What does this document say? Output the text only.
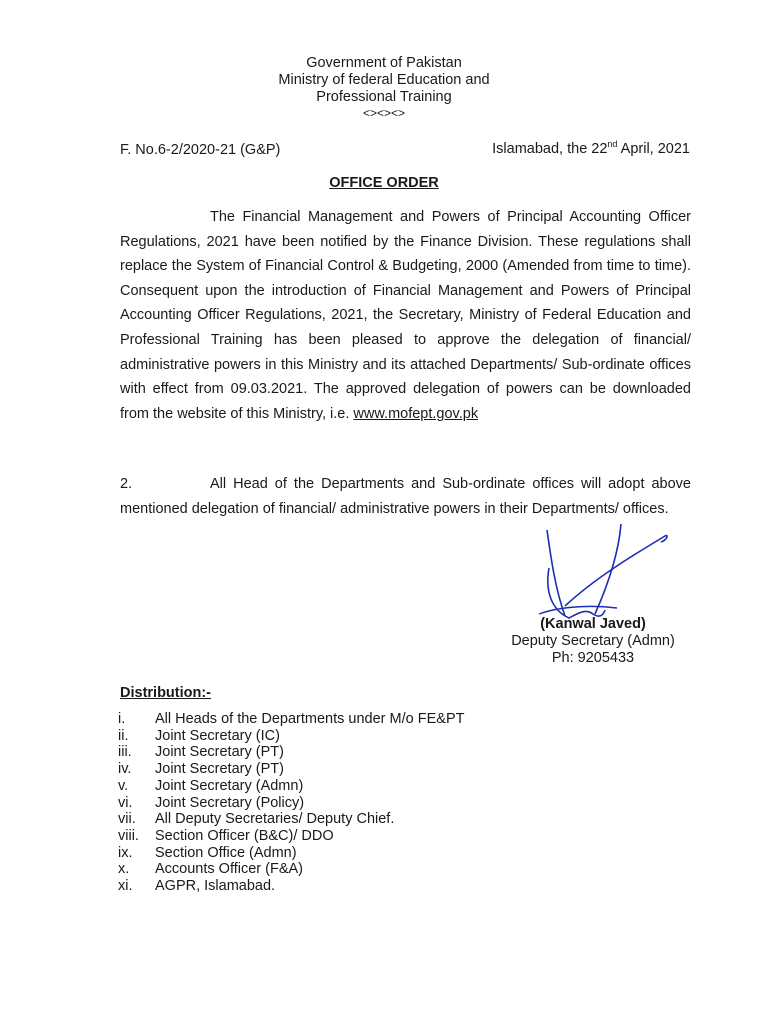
Government of Pakistan
Ministry of federal Education and
Professional Training
<><><>
F. No.6-2/2020-21 (G&P)	Islamabad, the 22nd April, 2021
OFFICE ORDER
The Financial Management and Powers of Principal Accounting Officer Regulations, 2021 have been notified by the Finance Division. These regulations shall replace the System of Financial Control & Budgeting, 2000 (Amended from time to time). Consequent upon the introduction of Financial Management and Powers of Principal Accounting Officer Regulations, 2021, the Secretary, Ministry of Federal Education and Professional Training has been pleased to approve the delegation of financial/ administrative powers in this Ministry and its attached Departments/ Sub-ordinate offices with effect from 09.03.2021. The approved delegation of powers can be downloaded from the website of this Ministry, i.e. www.mofept.gov.pk
2.	All Head of the Departments and Sub-ordinate offices will adopt above mentioned delegation of financial/ administrative powers in their Departments/ offices.
(Kanwal Javed)
Deputy Secretary (Admn)
Ph: 9205433
Distribution:-
i.	All Heads of the Departments under M/o FE&PT
ii.	Joint Secretary (IC)
iii.	Joint Secretary (PT)
iv.	Joint Secretary (PT)
v.	Joint Secretary (Admn)
vi.	Joint Secretary (Policy)
vii.	All Deputy Secretaries/ Deputy Chief.
viii.	Section Officer (B&C)/ DDO
ix.	Section Office (Admn)
x.	Accounts Officer (F&A)
xi.	AGPR, Islamabad.
